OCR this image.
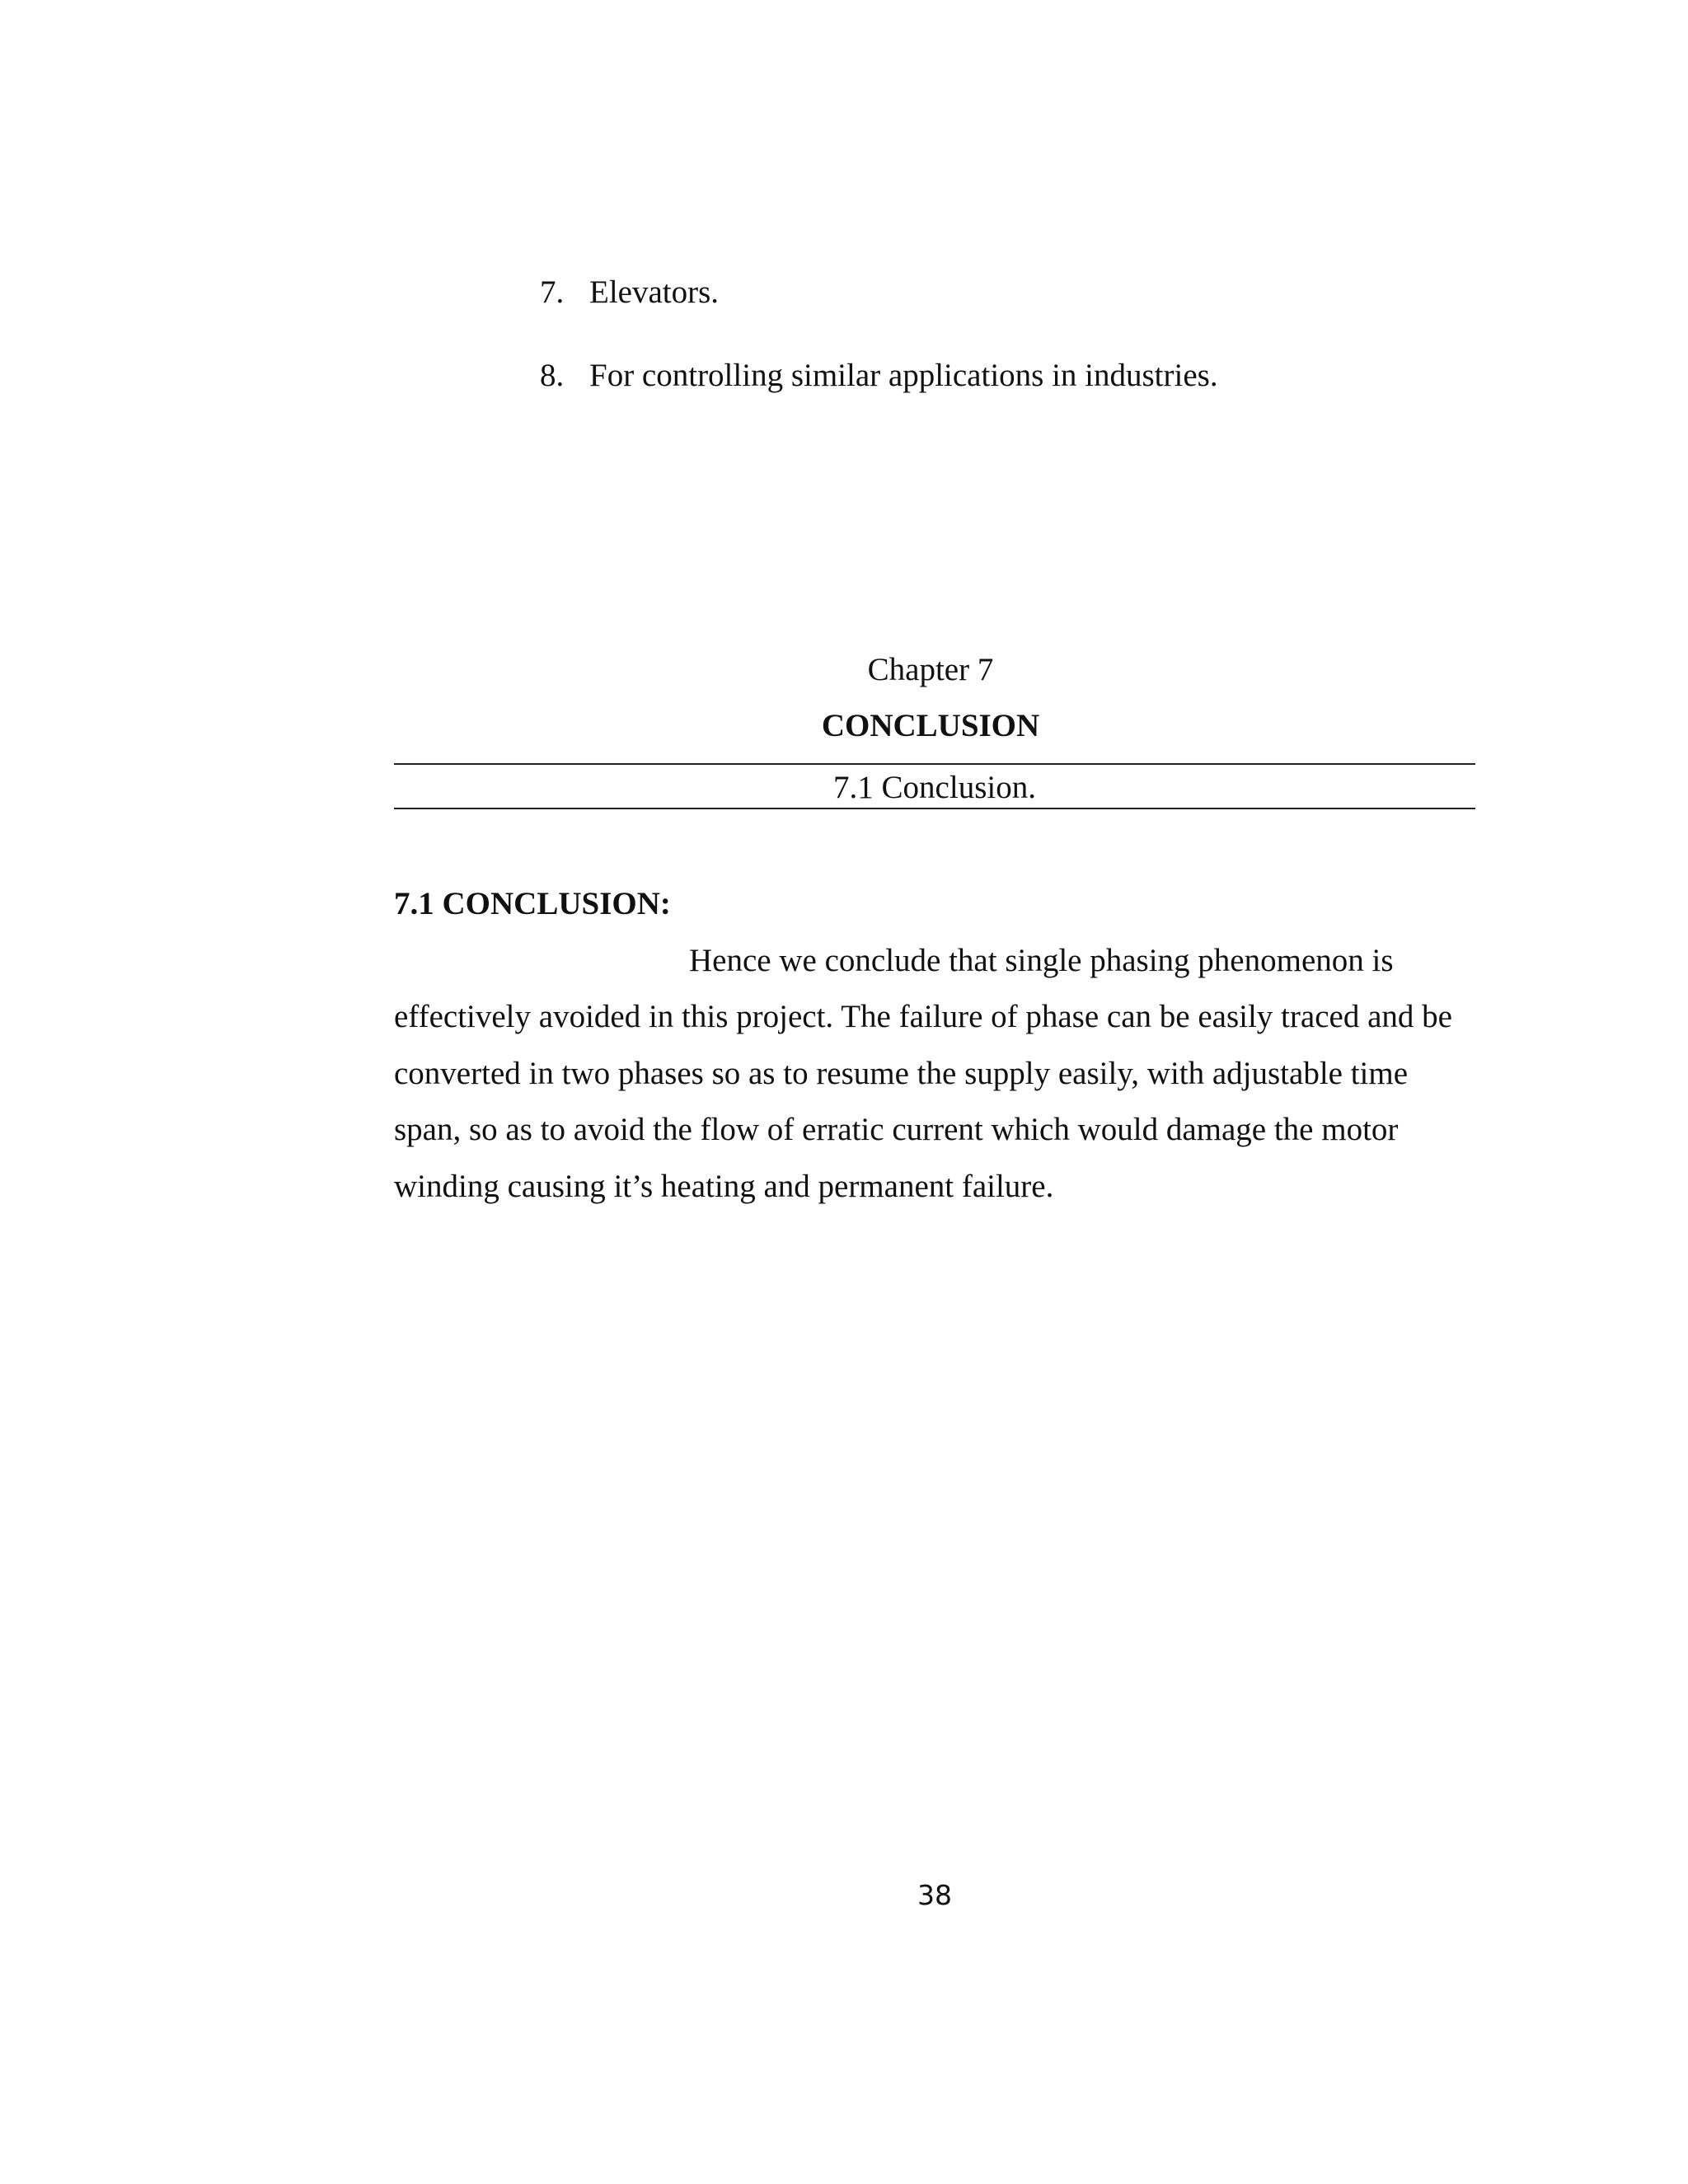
7. Elevators.
8. For controlling similar applications in industries.
Chapter 7
CONCLUSION
7.1 Conclusion.
7.1 CONCLUSION:
Hence we conclude that single phasing phenomenon is
effectively avoided in this project. The failure of phase can be easily traced and be
converted in two phases so as to resume the supply easily, with adjustable time
span, so as to avoid the flow of erratic current which would damage the motor
winding causing it’s heating and permanent failure.
38
